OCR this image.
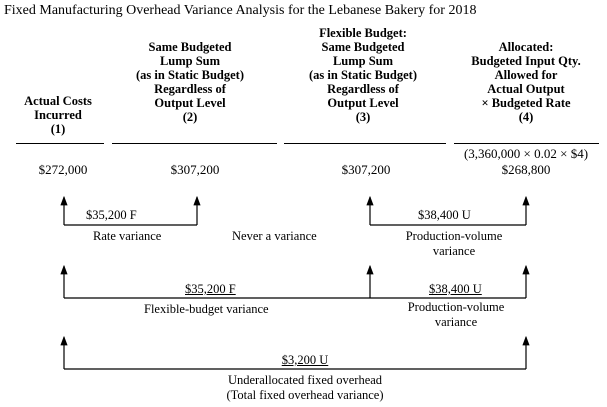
Fixed Manufacturing Overhead Variance Analysis for the Lebanese Bakery for 2018
Actual Costs
Incurred
(1)
Same Budgeted
Lump Sum
(as in Static Budget)
Regardless of
Output Level
(2)
Flexible Budget:
Same Budgeted
Lump Sum
(as in Static Budget)
Regardless of
Output Level
(3)
Allocated:
Budgeted Input Qty.
Allowed for
Actual Output
× Budgeted Rate
(4)
(3,360,000 × 0.02 × $4)
$272,000	$307,200	$307,200	$268,800
$35,200 F
Rate variance	Never a variance
$38,400 U
Production-volume
variance
$35,200 F
Flexible-budget variance
$38,400 U
Production-volume
variance
$3,200 U
Underallocated fixed overhead
(Total fixed overhead variance)
